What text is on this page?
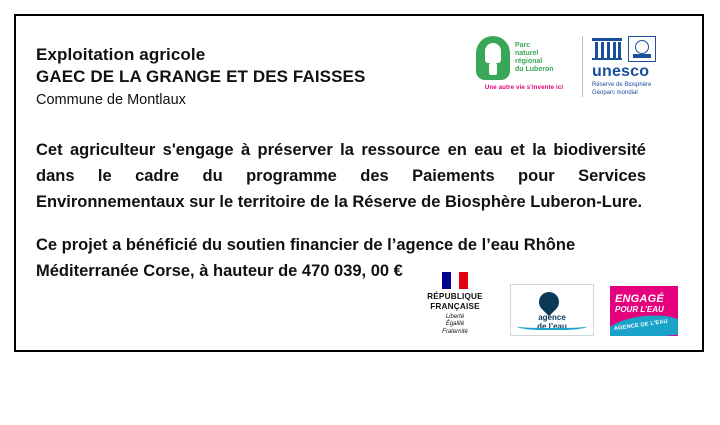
Exploitation agricole
GAEC DE LA GRANGE ET DES FAISSES
Commune de Montlaux
Parc
naturel
régional
du Luberon
Une autre vie s'invente ici
unesco
Réserve de Biosphère
Géoparc mondial

Cet agriculteur s'engage à préserver la ressource en eau et la biodiversité dans le cadre du programme des Paiements pour Services Environnementaux sur le territoire de la Réserve de Biosphère Luberon-Lure.

Ce projet a bénéficié du soutien financier de l’agence de l’eau Rhône Méditerranée Corse, à hauteur de 470 039, 00 €

RÉPUBLIQUE
FRANÇAISE
Liberté
Égalité
Fraternité
agence
de l’eau
ENGAGÉ
POUR L’EAU
AGENCE DE L’EAU
